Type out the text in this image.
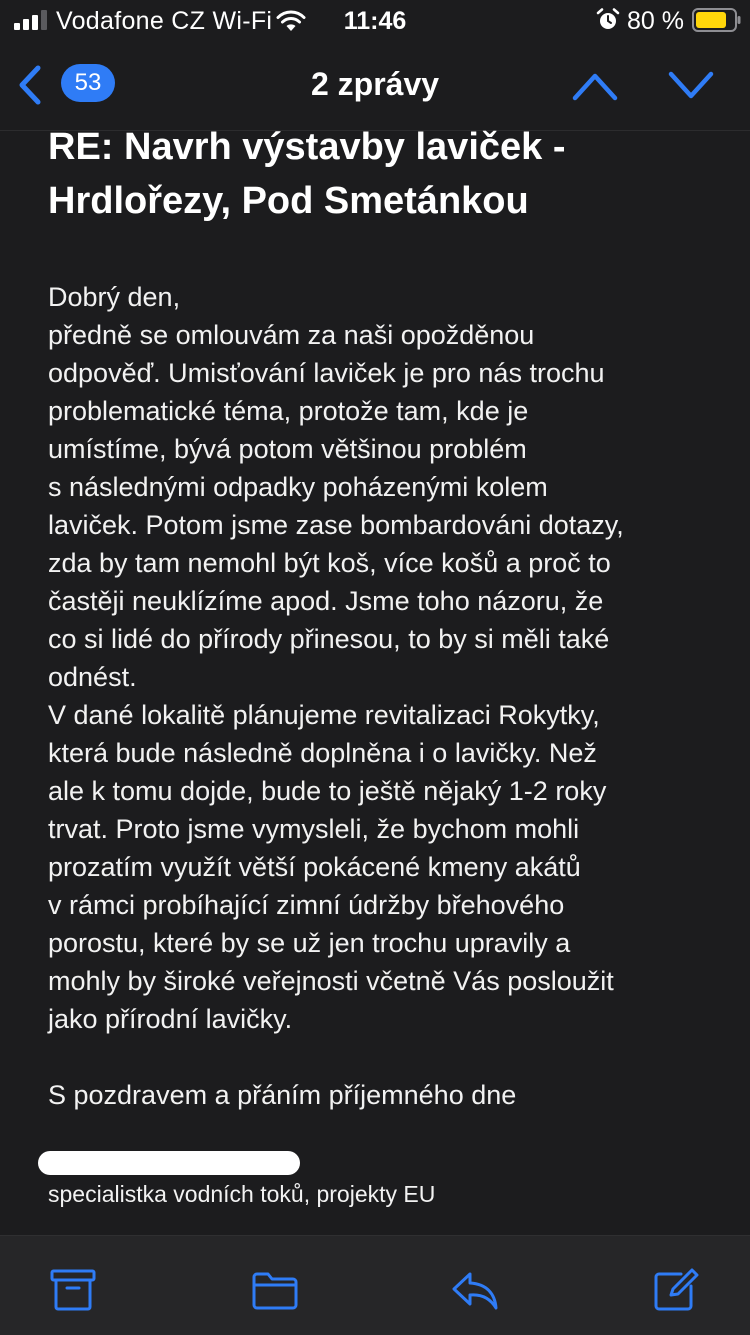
Vodafone CZ Wi-Fi	11:46	80 %
53	2 zprávy
RE: Navrh výstavby laviček -
Hrdlořezy, Pod Smetánkou
Dobrý den,
předně se omlouvám za naši opožděnou
odpověď. Umisťování laviček je pro nás trochu
problematické téma, protože tam, kde je
umístíme, bývá potom většinou problém
s následnými odpadky poházenými kolem
laviček. Potom jsme zase bombardováni dotazy,
zda by tam nemohl být koš, více košů a proč to
častěji neuklízíme apod. Jsme toho názoru, že
co si lidé do přírody přinesou, to by si měli také
odnést.
V dané lokalitě plánujeme revitalizaci Rokytky,
která bude následně doplněna i o lavičky. Než
ale k tomu dojde, bude to ještě nějaký 1-2 roky
trvat. Proto jsme vymysleli, že bychom mohli
prozatím využít větší pokácené kmeny akátů
v rámci probíhající zimní údržby břehového
porostu, které by se už jen trochu upravily a
mohly by široké veřejnosti včetně Vás posloužit
jako přírodní lavičky.
S pozdravem a přáním příjemného dne
specialistka vodních toků, projekty EU
